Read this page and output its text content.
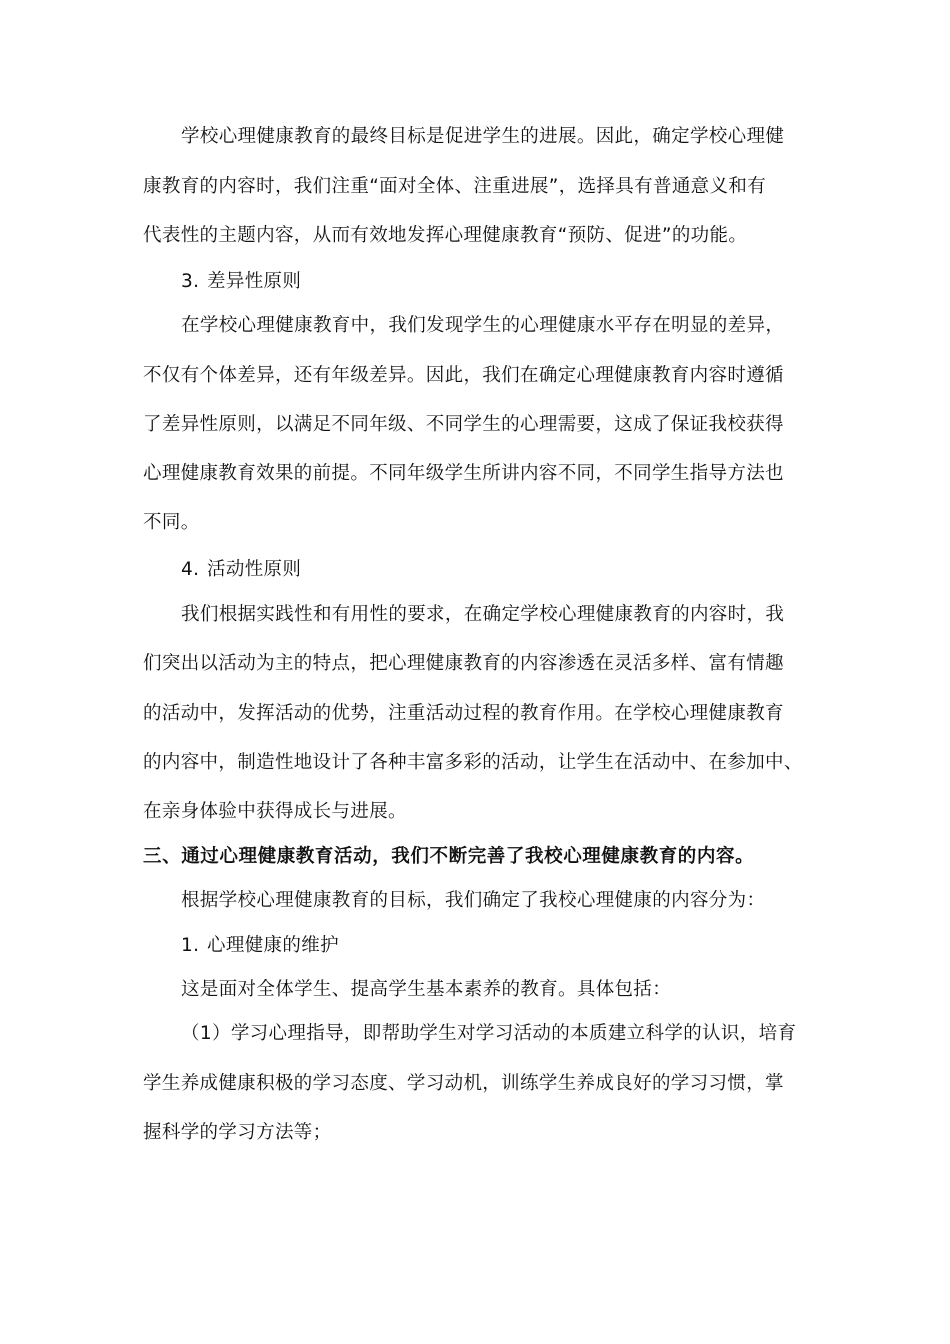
学校心理健康教育的最终目标是促进学生的进展。因此，确定学校心理健
康教育的内容时，我们注重“面对全体、注重进展”，选择具有普通意义和有
代表性的主题内容，从而有效地发挥心理健康教育“预防、促进”的功能。
3. 差异性原则
在学校心理健康教育中，我们发现学生的心理健康水平存在明显的差异，
不仅有个体差异，还有年级差异。因此，我们在确定心理健康教育内容时遵循
了差异性原则，以满足不同年级、不同学生的心理需要，这成了保证我校获得
心理健康教育效果的前提。不同年级学生所讲内容不同，不同学生指导方法也
不同。
4. 活动性原则
我们根据实践性和有用性的要求，在确定学校心理健康教育的内容时，我
们突出以活动为主的特点，把心理健康教育的内容渗透在灵活多样、富有情趣
的活动中，发挥活动的优势，注重活动过程的教育作用。在学校心理健康教育
的内容中，制造性地设计了各种丰富多彩的活动，让学生在活动中、在参加中、
在亲身体验中获得成长与进展。
三、通过心理健康教育活动，我们不断完善了我校心理健康教育的内容。
根据学校心理健康教育的目标，我们确定了我校心理健康的内容分为：
1. 心理健康的维护
这是面对全体学生、提高学生基本素养的教育。具体包括：
（1）学习心理指导，即帮助学生对学习活动的本质建立科学的认识，培育
学生养成健康积极的学习态度、学习动机，训练学生养成良好的学习习惯，掌
握科学的学习方法等；
